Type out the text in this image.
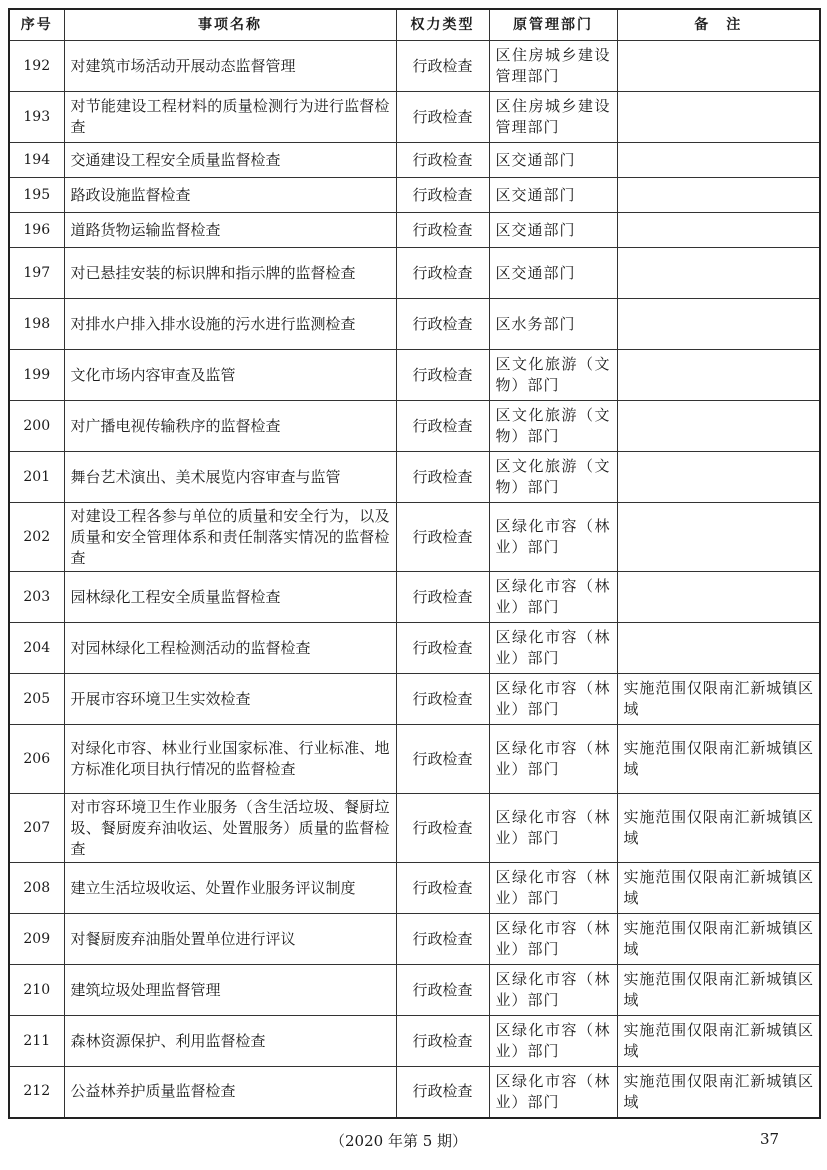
序号	事项名称	权力类型	原管理部门	备　注
192	对建筑市场活动开展动态监督管理	行政检查	区住房城乡建设管理部门	
193	对节能建设工程材料的质量检测行为进行监督检查	行政检查	区住房城乡建设管理部门	
194	交通建设工程安全质量监督检查	行政检查	区交通部门	
195	路政设施监督检查	行政检查	区交通部门	
196	道路货物运输监督检查	行政检查	区交通部门	
197	对已悬挂安装的标识牌和指示牌的监督检查	行政检查	区交通部门	
198	对排水户排入排水设施的污水进行监测检查	行政检查	区水务部门	
199	文化市场内容审查及监管	行政检查	区文化旅游（文物）部门	
200	对广播电视传输秩序的监督检查	行政检查	区文化旅游（文物）部门	
201	舞台艺术演出、美术展览内容审查与监管	行政检查	区文化旅游（文物）部门	
202	对建设工程各参与单位的质量和安全行为，以及质量和安全管理体系和责任制落实情况的监督检查	行政检查	区绿化市容（林业）部门	
203	园林绿化工程安全质量监督检查	行政检查	区绿化市容（林业）部门	
204	对园林绿化工程检测活动的监督检查	行政检查	区绿化市容（林业）部门	
205	开展市容环境卫生实效检查	行政检查	区绿化市容（林业）部门	实施范围仅限南汇新城镇区域
206	对绿化市容、林业行业国家标准、行业标准、地方标准化项目执行情况的监督检查	行政检查	区绿化市容（林业）部门	实施范围仅限南汇新城镇区域
207	对市容环境卫生作业服务（含生活垃圾、餐厨垃圾、餐厨废弃油收运、处置服务）质量的监督检查	行政检查	区绿化市容（林业）部门	实施范围仅限南汇新城镇区域
208	建立生活垃圾收运、处置作业服务评议制度	行政检查	区绿化市容（林业）部门	实施范围仅限南汇新城镇区域
209	对餐厨废弃油脂处置单位进行评议	行政检查	区绿化市容（林业）部门	实施范围仅限南汇新城镇区域
210	建筑垃圾处理监督管理	行政检查	区绿化市容（林业）部门	实施范围仅限南汇新城镇区域
211	森林资源保护、利用监督检查	行政检查	区绿化市容（林业）部门	实施范围仅限南汇新城镇区域
212	公益林养护质量监督检查	行政检查	区绿化市容（林业）部门	实施范围仅限南汇新城镇区域
（2020 年第 5 期）	37
